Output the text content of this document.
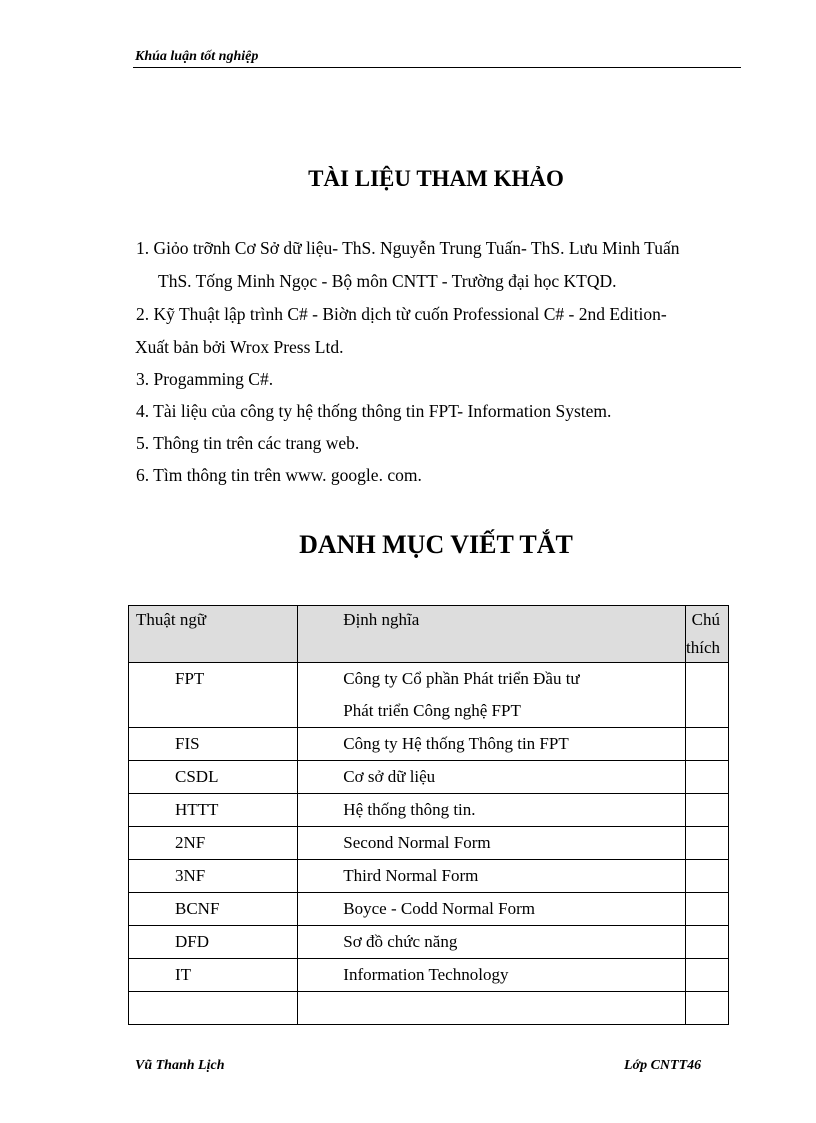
Khúa luận tốt nghiệp
TÀI LIỆU THAM KHẢO
1. Giỏo trỡnh Cơ Sở dữ liệu- ThS. Nguyễn Trung Tuấn- ThS. Lưu Minh Tuấn
ThS. Tống Minh Ngọc - Bộ môn CNTT - Trường đại học KTQD.
2. Kỹ Thuật lập trình C# - Biờn dịch từ cuốn Professional C# - 2nd Edition-
Xuất bản bởi Wrox Press Ltd.
3. Progamming C#.
4. Tài liệu của công ty hệ thống thông tin FPT- Information System.
5. Thông tin trên các trang web.
6. Tìm thông tin trên www. google. com.
DANH MỤC VIẾT TẮT
Thuật ngữ	Định nghĩa	Chú thích
FPT	Công ty Cổ phần Phát triển Đầu tư
Phát triển Công nghệ FPT	
FIS	Công ty Hệ thống Thông tin FPT	
CSDL	Cơ sở dữ liệu	
HTTT	Hệ thống thông tin.	
2NF	Second Normal Form	
3NF	Third Normal Form	
BCNF	Boyce - Codd Normal Form	
DFD	Sơ đồ chức năng	
IT	Information Technology	

Vũ Thanh Lịch	Lớp CNTT46
